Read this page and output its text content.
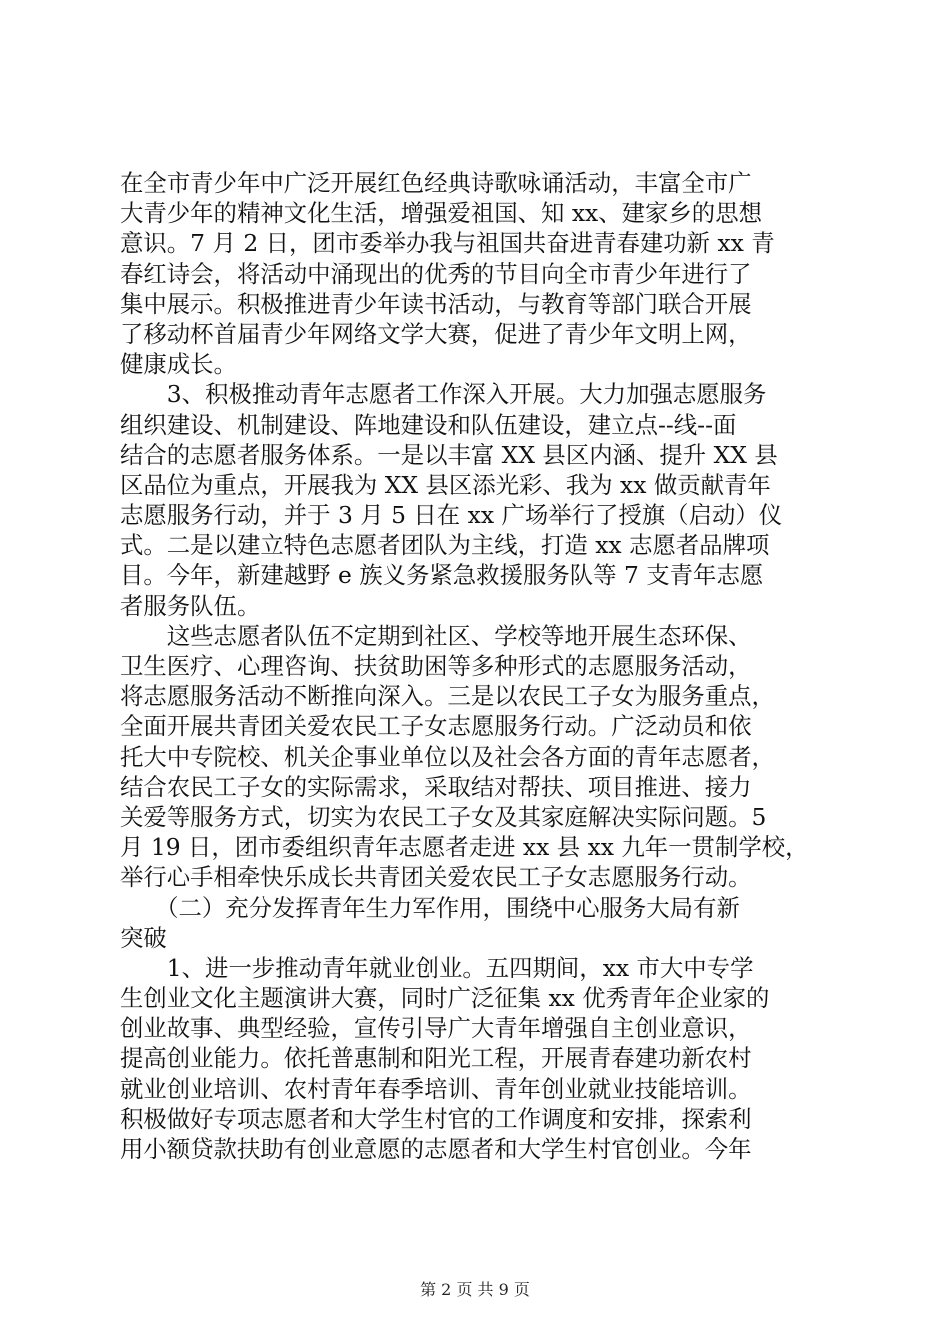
在全市青少年中广泛开展红色经典诗歌咏诵活动，丰富全市广
大青少年的精神文化生活，增强爱祖国、知 xx、建家乡的思想
意识。7 月 2 日，团市委举办我与祖国共奋进青春建功新 xx 青
春红诗会，将活动中涌现出的优秀的节目向全市青少年进行了
集中展示。积极推进青少年读书活动，与教育等部门联合开展
了移动杯首届青少年网络文学大赛，促进了青少年文明上网，
健康成长。
　　3、积极推动青年志愿者工作深入开展。大力加强志愿服务
组织建设、机制建设、阵地建设和队伍建设，建立点--线--面
结合的志愿者服务体系。一是以丰富 XX 县区内涵、提升 XX 县
区品位为重点，开展我为 XX 县区添光彩、我为 xx 做贡献青年
志愿服务行动，并于 3 月 5 日在 xx 广场举行了授旗（启动）仪
式。二是以建立特色志愿者团队为主线，打造 xx 志愿者品牌项
目。今年，新建越野 e 族义务紧急救援服务队等 7 支青年志愿
者服务队伍。
　　这些志愿者队伍不定期到社区、学校等地开展生态环保、
卫生医疗、心理咨询、扶贫助困等多种形式的志愿服务活动，
将志愿服务活动不断推向深入。三是以农民工子女为服务重点，
全面开展共青团关爱农民工子女志愿服务行动。广泛动员和依
托大中专院校、机关企事业单位以及社会各方面的青年志愿者，
结合农民工子女的实际需求，采取结对帮扶、项目推进、接力
关爱等服务方式，切实为农民工子女及其家庭解决实际问题。5
月 19 日，团市委组织青年志愿者走进 xx 县 xx 九年一贯制学校，
举行心手相牵快乐成长共青团关爱农民工子女志愿服务行动。
　　（二）充分发挥青年生力军作用，围绕中心服务大局有新
突破
　　1、进一步推动青年就业创业。五四期间，xx 市大中专学
生创业文化主题演讲大赛，同时广泛征集 xx 优秀青年企业家的
创业故事、典型经验，宣传引导广大青年增强自主创业意识，
提高创业能力。依托普惠制和阳光工程，开展青春建功新农村
就业创业培训、农村青年春季培训、青年创业就业技能培训。
积极做好专项志愿者和大学生村官的工作调度和安排，探索利
用小额贷款扶助有创业意愿的志愿者和大学生村官创业。今年
第 2 页 共 9 页
